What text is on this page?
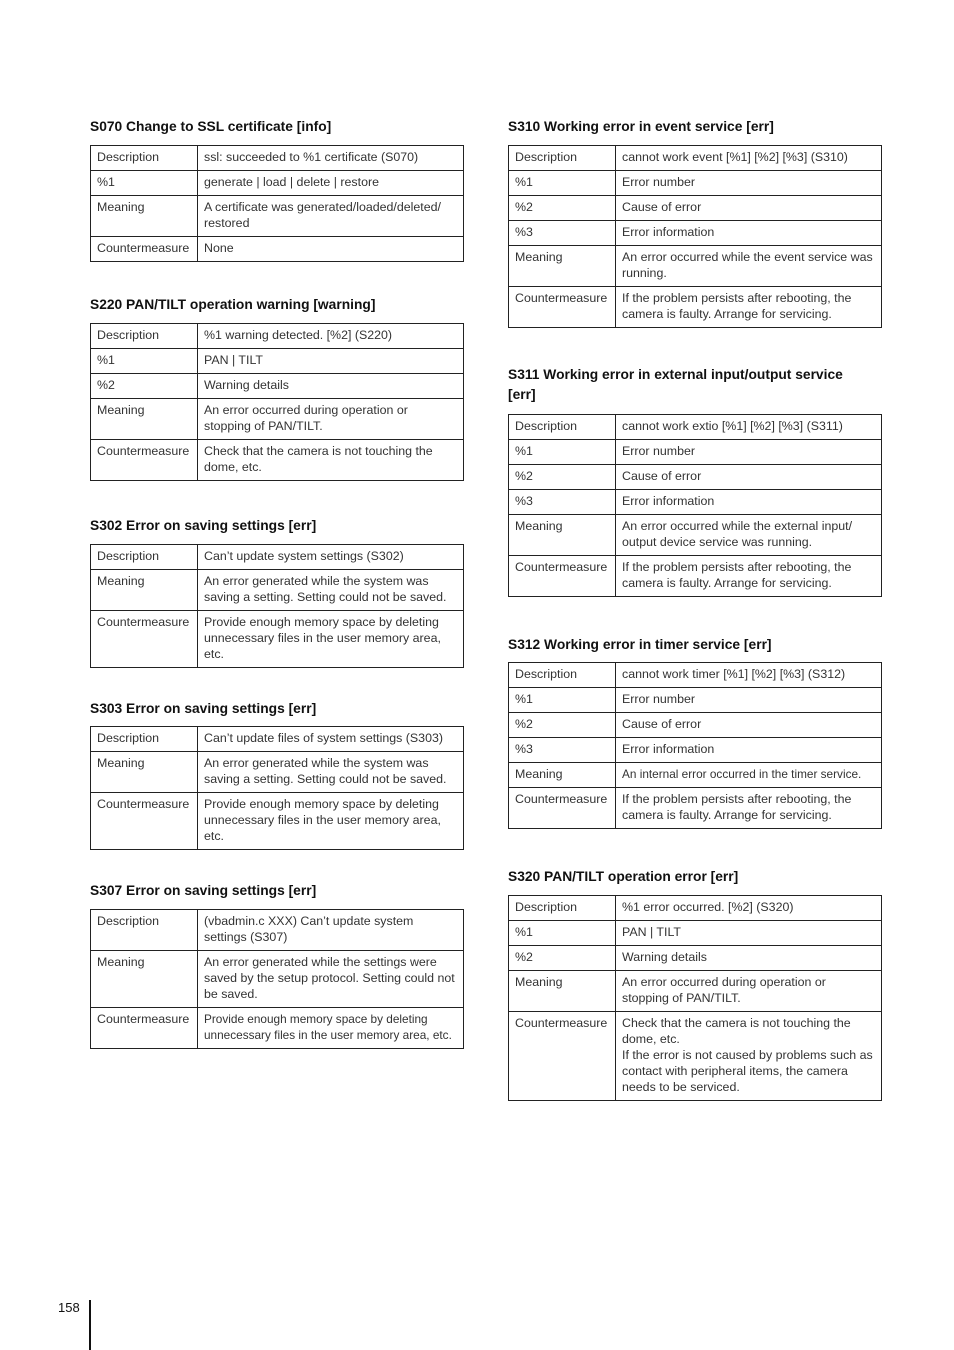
S070 Change to SSL certificate [info]
Description	ssl: succeeded to %1 certificate (S070)
%1	generate | load | delete | restore
Meaning	A certificate was generated/loaded/deleted/ restored
Countermeasure	None
S220 PAN/TILT operation warning [warning]
Description	%1 warning detected. [%2] (S220)
%1	PAN | TILT
%2	Warning details
Meaning	An error occurred during operation or stopping of PAN/TILT.
Countermeasure	Check that the camera is not touching the dome, etc.
S302 Error on saving settings [err]
Description	Can’t update system settings (S302)
Meaning	An error generated while the system was saving a setting. Setting could not be saved.
Countermeasure	Provide enough memory space by deleting unnecessary files in the user memory area, etc.
S303 Error on saving settings [err]
Description	Can’t update files of system settings (S303)
Meaning	An error generated while the system was saving a setting. Setting could not be saved.
Countermeasure	Provide enough memory space by deleting unnecessary files in the user memory area, etc.
S307 Error on saving settings [err]
Description	(vbadmin.c XXX) Can’t update system settings (S307)
Meaning	An error generated while the settings were saved by the setup protocol. Setting could not be saved.
Countermeasure	Provide enough memory space by deleting unnecessary files in the user memory area, etc.
S310 Working error in event service [err]
Description	cannot work event [%1] [%2] [%3] (S310)
%1	Error number
%2	Cause of error
%3	Error information
Meaning	An error occurred while the event service was running.
Countermeasure	If the problem persists after rebooting, the camera is faulty. Arrange for servicing.
S311 Working error in external input/output service [err]
Description	cannot work extio [%1] [%2] [%3] (S311)
%1	Error number
%2	Cause of error
%3	Error information
Meaning	An error occurred while the external input/ output device service was running.
Countermeasure	If the problem persists after rebooting, the camera is faulty. Arrange for servicing.
S312 Working error in timer service [err]
Description	cannot work timer [%1] [%2] [%3] (S312)
%1	Error number
%2	Cause of error
%3	Error information
Meaning	An internal error occurred in the timer service.
Countermeasure	If the problem persists after rebooting, the camera is faulty. Arrange for servicing.
S320 PAN/TILT operation error [err]
Description	%1 error occurred. [%2] (S320)
%1	PAN | TILT
%2	Warning details
Meaning	An error occurred during operation or stopping of PAN/TILT.
Countermeasure	Check that the camera is not touching the dome, etc.
If the error is not caused by problems such as contact with peripheral items, the camera needs to be serviced.
158
